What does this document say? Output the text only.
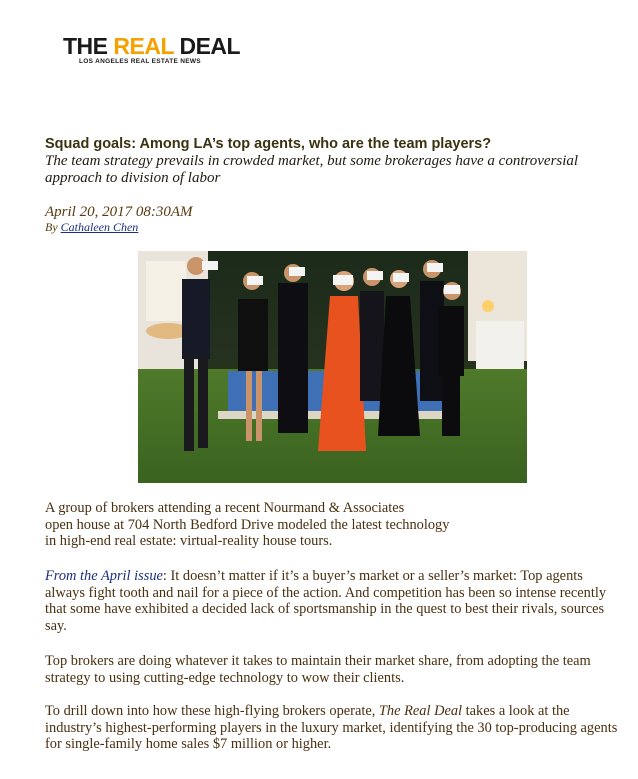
THE REAL DEAL
LOS ANGELES REAL ESTATE NEWS
Squad goals: Among LA’s top agents, who are the team players?
The team strategy prevails in crowded market, but some brokerages have a controversial approach to division of labor
April 20, 2017 08:30AM
By Cathaleen Chen
A group of brokers attending a recent Nourmand & Associates
open house at 704 North Bedford Drive modeled the latest technology
in high-end real estate: virtual-reality house tours.
From the April issue: It doesn’t matter if it’s a buyer’s market or a seller’s market: Top agents always fight tooth and nail for a piece of the action. And competition has been so intense recently that some have exhibited a decided lack of sportsmanship in the quest to best their rivals, sources say.
Top brokers are doing whatever it takes to maintain their market share, from adopting the team strategy to using cutting-edge technology to wow their clients.
To drill down into how these high-flying brokers operate, The Real Deal takes a look at the industry’s highest-performing players in the luxury market, identifying the 30 top-producing agents for single-family home sales $7 million or higher.
